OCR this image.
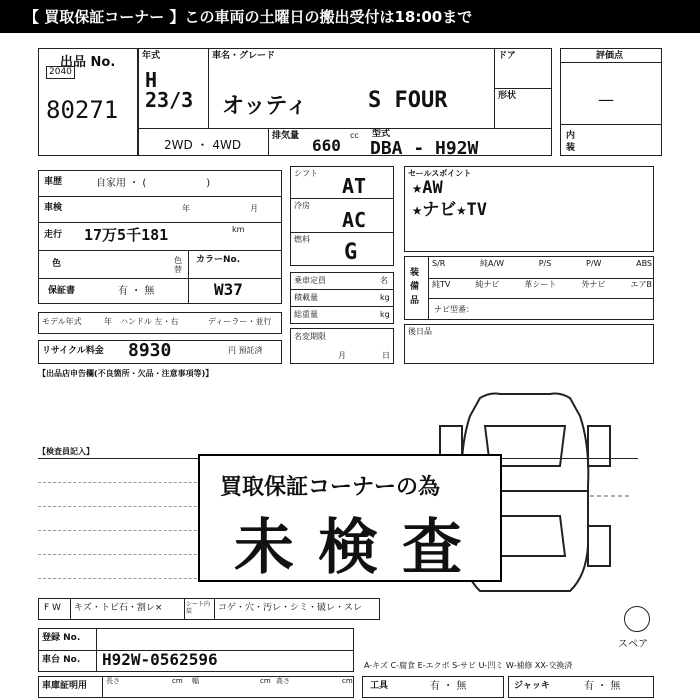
【 買取保証コーナー 】この車両の土曜日の搬出受付は18:00まで
出品 No.
2040
80271
年式
H
23/3
車名・グレード
オッティ	S FOUR
ドア
形状
2WD ・ 4WD
排気量 660
cc 型式
DBA - H92W
評価点
—
内装
車歴	自家用 ・ (　　　　　　)
車検	年	月
走行 17万5千181	km
色	色替
カラーNo.
保証書	有 ・ 無	W37
モデル年式	年　ハンドル 左・右	ディーラー・並行
リサイクル料金 8930	円 預託済
【出品店申告欄(不良箇所・欠品・注意事項等)】
シフト
AT
冷房
AC
燃料
G
乗車定員	名
積載量	kg
総重量	kg
名変期限
月	日
セールスポイント
★AW
★ナビ★TV
装備品
S/R	純A/W	P/S	P/W	ABS
純TV	純ナビ	革シート	外ナビ	エアB
ナビ型番：
後日品
【検査員記入】
スペア
買取保証コーナーの為
未検査
F W キズ・トビ石・割レ×	シート内装	コゲ・穴・汚レ・シミ・破レ・スレ
登録 No.
車台 No. H92W-0562596
車庫証明用	長さ	cm 幅	cm 高さ	cm
A-キズ C-腐食 E-エクボ S-サビ U-凹ミ W-補修 XX-交換済
工具	有 ・ 無	ジャッキ	有 ・ 無
